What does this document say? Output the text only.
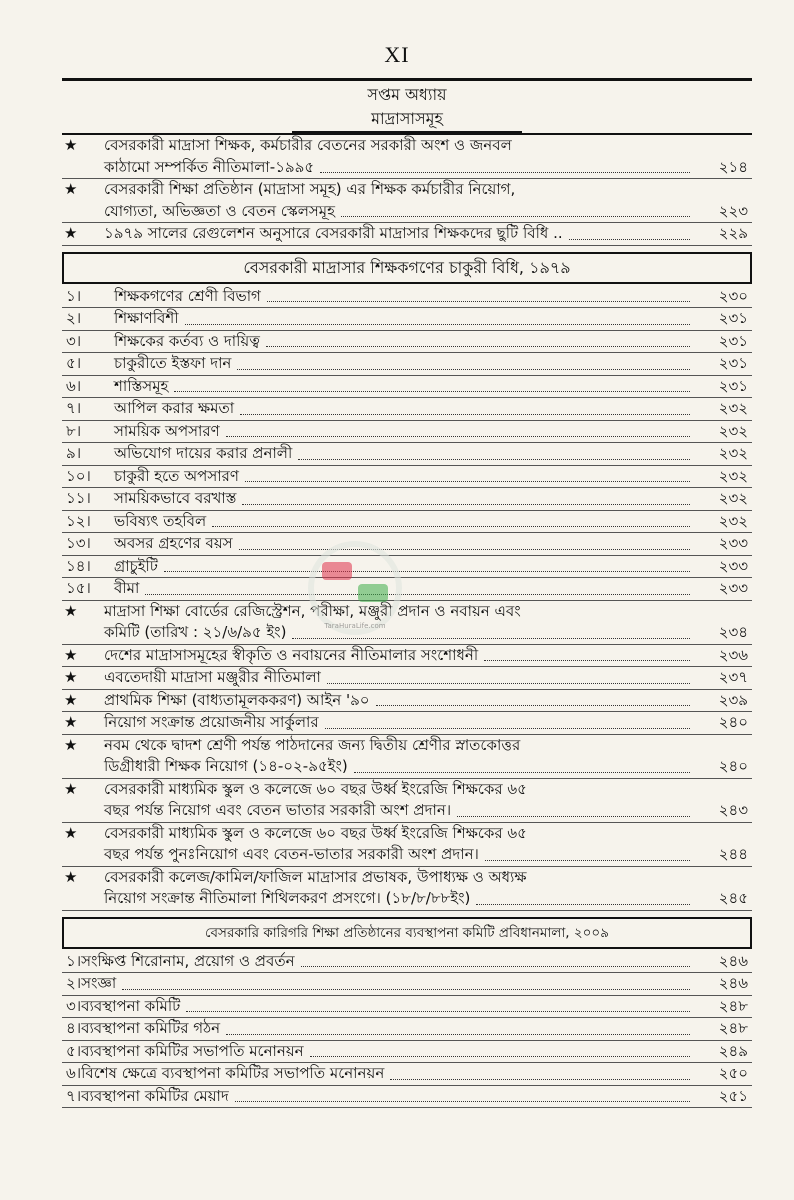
XI
সপ্তম অধ্যায়
মাদ্রাসাসমূহ
★	বেসরকারী মাদ্রাসা শিক্ষক, কর্মচারীর বেতনের সরকারী অংশ ও জনবল
কাঠামো সম্পর্কিত নীতিমালা-১৯৯৫	২১৪
★	বেসরকারী শিক্ষা প্রতিষ্ঠান (মাদ্রাসা সমূহ) এর শিক্ষক কর্মচারীর নিয়োগ,
যোগ্যতা, অভিজ্ঞতা ও বেতন স্কেলসমূহ	২২৩
★	১৯৭৯ সালের রেগুলেশন অনুসারে বেসরকারী মাদ্রাসার শিক্ষকদের ছুটি বিধি ..	২২৯
বেসরকারী মাদ্রাসার শিক্ষকগণের চাকুরী বিধি, ১৯৭৯
১।	শিক্ষকগণের শ্রেণী বিভাগ	২৩০
২।	শিক্ষাণবিশী	২৩১
৩।	শিক্ষকের কর্তব্য ও দায়িত্ব	২৩১
৫।	চাকুরীতে ইস্তফা দান	২৩১
৬।	শাস্তিসমূহ	২৩১
৭।	আপিল করার ক্ষমতা	২৩২
৮।	সাময়িক অপসারণ	২৩২
৯।	অভিযোগ দায়ের করার প্রনালী	২৩২
১০।	চাকুরী হতে অপসারণ	২৩২
১১।	সাময়িকভাবে বরখাস্ত	২৩২
১২।	ভবিষ্যৎ তহবিল	২৩২
১৩।	অবসর গ্রহণের বয়স	২৩৩
১৪।	গ্রাচুইটি	২৩৩
১৫।	বীমা	২৩৩
★	মাদ্রাসা শিক্ষা বোর্ডের রেজিস্ট্রেশন, পরীক্ষা, মঞ্জুরী প্রদান ও নবায়ন এবং
কমিটি (তারিখ : ২১/৬/৯৫ ইং)	২৩৪
★	দেশের মাদ্রাসাসমূহের স্বীকৃতি ও নবায়নের নীতিমালার সংশোধনী	২৩৬
★	এবতেদায়ী মাদ্রাসা মঞ্জুরীর নীতিমালা	২৩৭
★	প্রাথমিক শিক্ষা (বাধ্যতামূলককরণ) আইন '৯০	২৩৯
★	নিয়োগ সংক্রান্ত প্রয়োজনীয় সার্কুলার	২৪০
★	নবম থেকে দ্বাদশ শ্রেণী পর্যন্ত পাঠদানের জন্য দ্বিতীয় শ্রেণীর স্নাতকোত্তর
ডিগ্রীধারী শিক্ষক নিয়োগ (১৪-০২-৯৫ইং)	২৪০
★	বেসরকারী মাধ্যমিক স্কুল ও কলেজে ৬০ বছর উর্ধ্ব ইংরেজি শিক্ষকের ৬৫
বছর পর্যন্ত নিয়োগ এবং বেতন ভাতার সরকারী অংশ প্রদান।	২৪৩
★	বেসরকারী মাধ্যমিক স্কুল ও কলেজে ৬০ বছর উর্ধ্ব ইংরেজি শিক্ষকের ৬৫
বছর পর্যন্ত পুনঃনিয়োগ এবং বেতন-ভাতার সরকারী অংশ প্রদান।	২৪৪
★	বেসরকারী কলেজ/কামিল/ফাজিল মাদ্রাসার প্রভাষক, উপাধ্যক্ষ ও অধ্যক্ষ
নিয়োগ সংক্রান্ত নীতিমালা শিথিলকরণ প্রসংগে। (১৮/৮/৮৮ইং)	২৪৫
বেসরকারি কারিগরি শিক্ষা প্রতিষ্ঠানের ব্যবস্থাপনা কমিটি প্রবিধানমালা, ২০০৯
১। সংক্ষিপ্ত শিরোনাম, প্রয়োগ ও প্রবর্তন	২৪৬
২। সংজ্ঞা	২৪৬
৩। ব্যবস্থাপনা কমিটি	২৪৮
৪। ব্যবস্থাপনা কমিটির গঠন	২৪৮
৫। ব্যবস্থাপনা কমিটির সভাপতি মনোনয়ন	২৪৯
৬। বিশেষ ক্ষেত্রে ব্যবস্থাপনা কমিটির সভাপতি মনোনয়ন	২৫০
৭। ব্যবস্থাপনা কমিটির মেয়াদ	২৫১
TaraHuraLife.com
